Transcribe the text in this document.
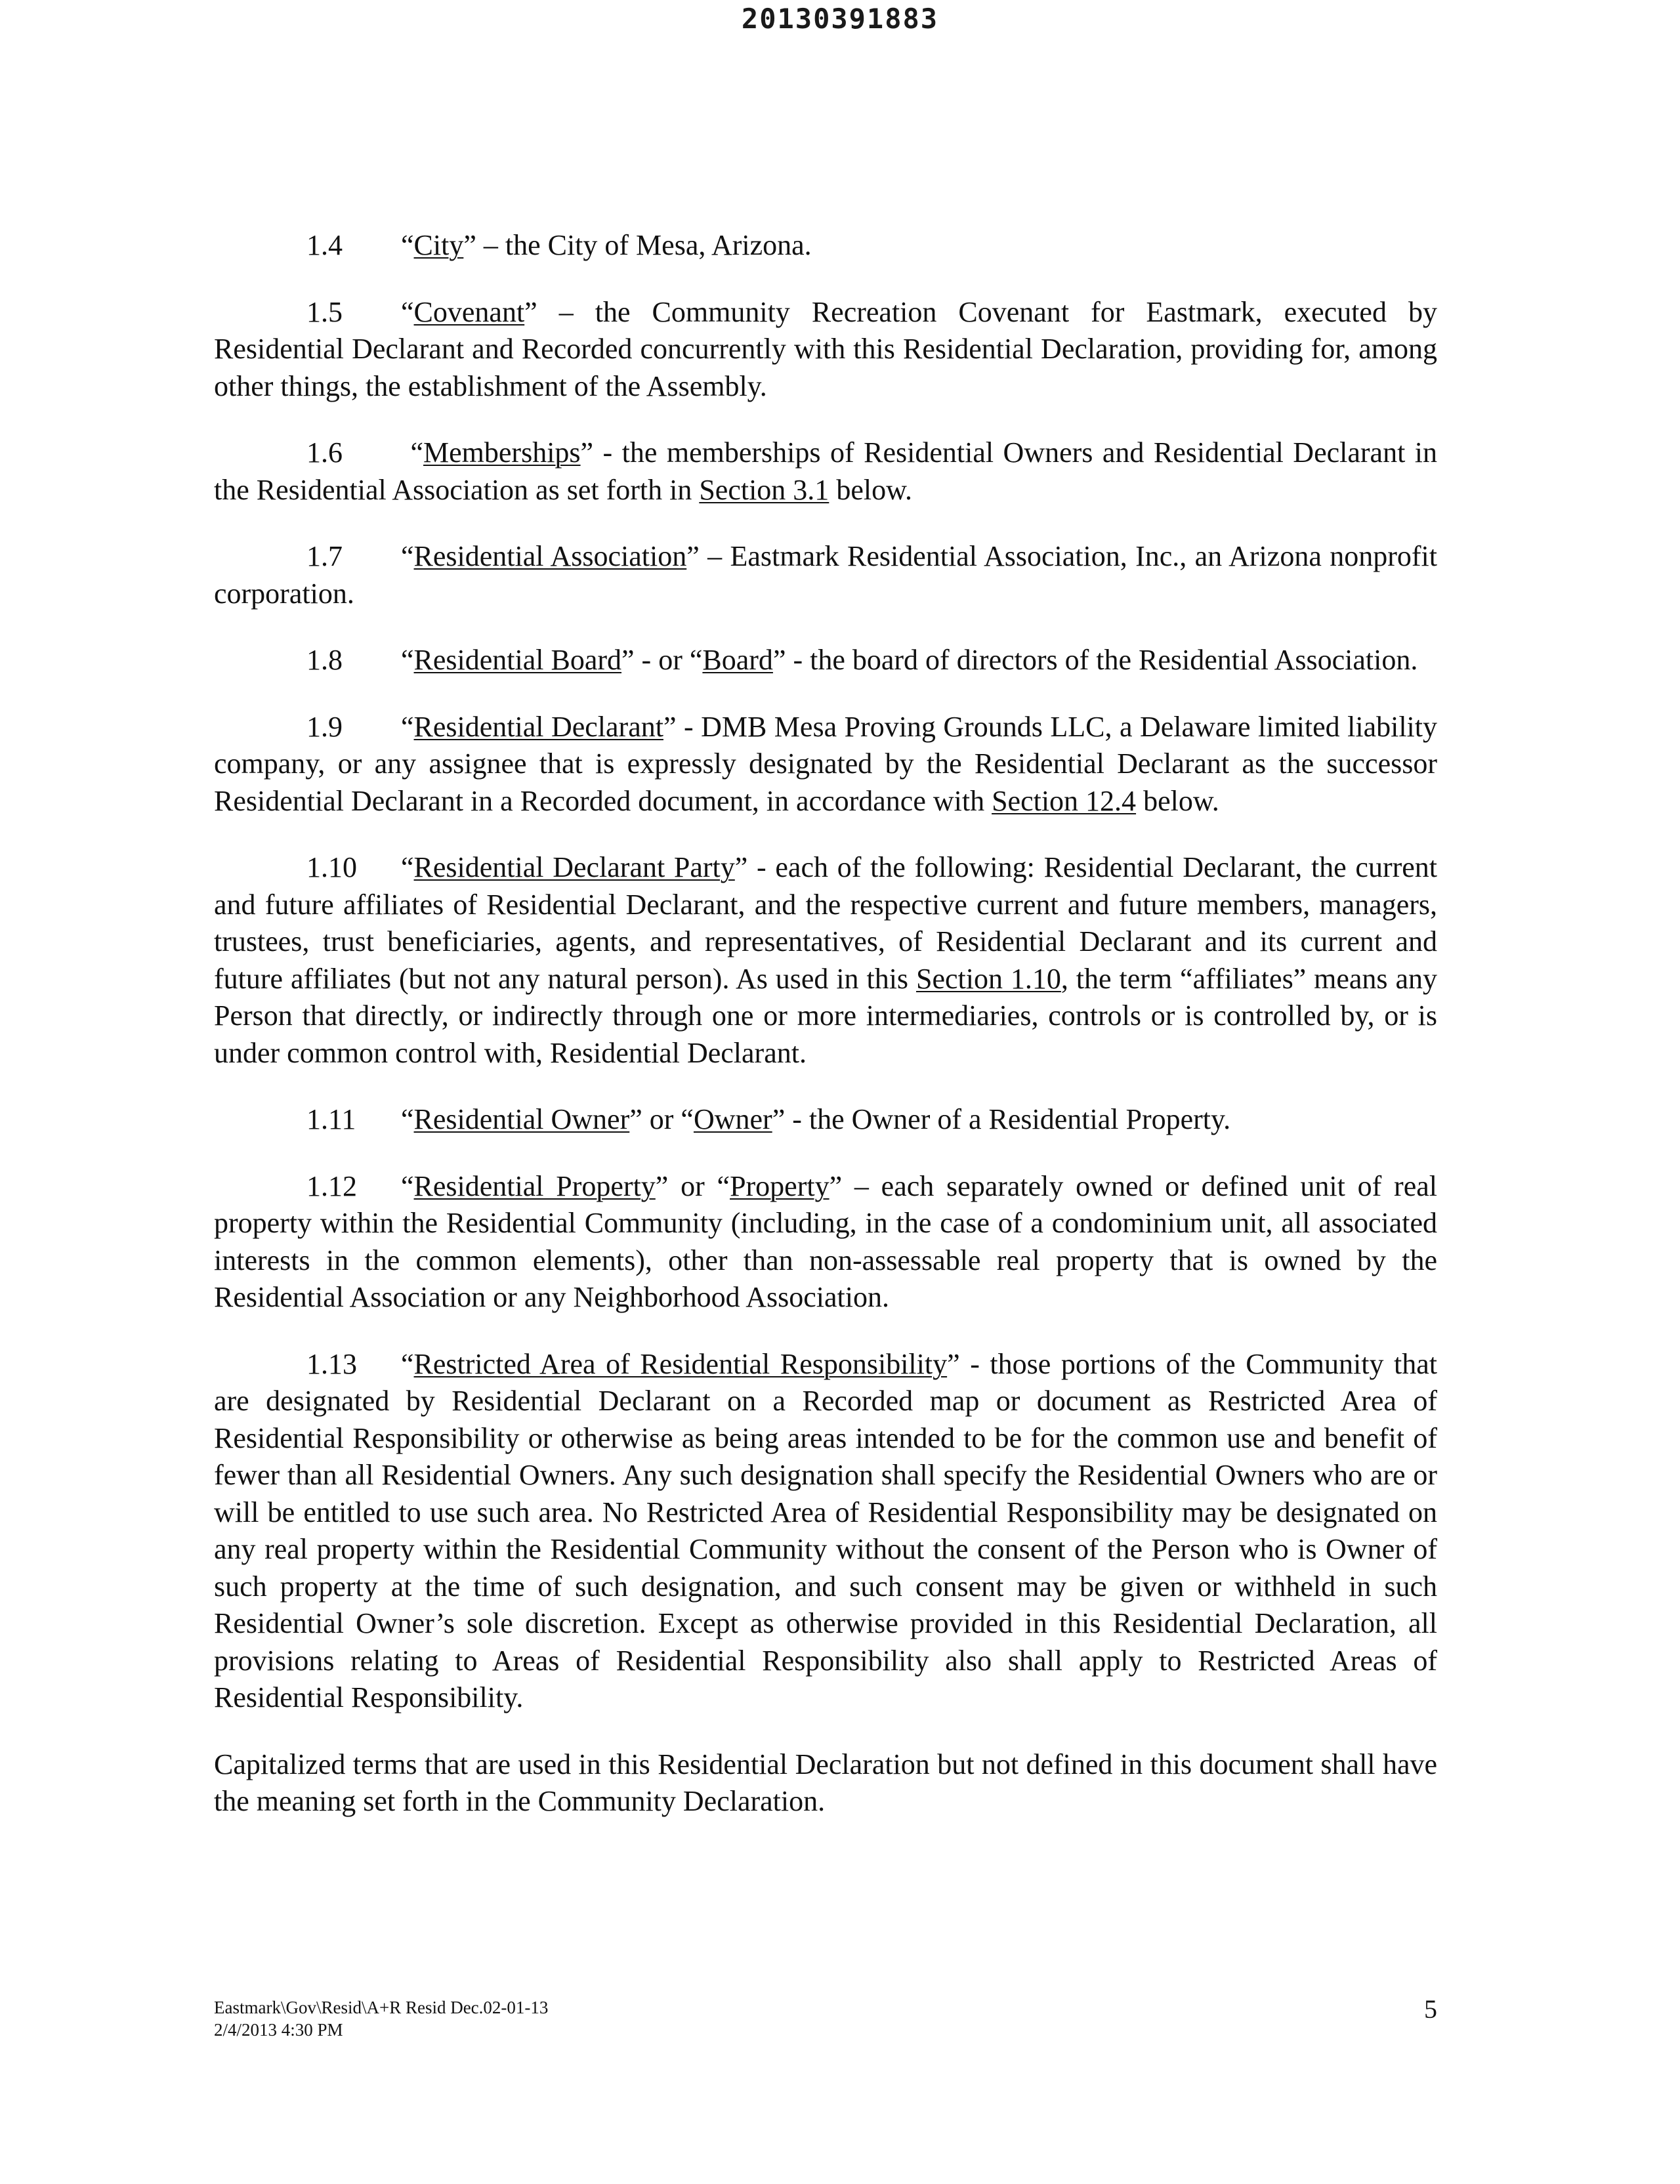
20130391883

1.4 “City” – the City of Mesa, Arizona.

1.5 “Covenant” – the Community Recreation Covenant for Eastmark, executed by Residential Declarant and Recorded concurrently with this Residential Declaration, providing for, among other things, the establishment of the Assembly.

1.6 “Memberships” - the memberships of Residential Owners and Residential Declarant in the Residential Association as set forth in Section 3.1 below.

1.7 “Residential Association” – Eastmark Residential Association, Inc., an Arizona nonprofit corporation.

1.8 “Residential Board” - or “Board” - the board of directors of the Residential Association.

1.9 “Residential Declarant” - DMB Mesa Proving Grounds LLC, a Delaware limited liability company, or any assignee that is expressly designated by the Residential Declarant as the successor Residential Declarant in a Recorded document, in accordance with Section 12.4 below.

1.10 “Residential Declarant Party” - each of the following: Residential Declarant, the current and future affiliates of Residential Declarant, and the respective current and future members, managers, trustees, trust beneficiaries, agents, and representatives, of Residential Declarant and its current and future affiliates (but not any natural person). As used in this Section 1.10, the term “affiliates” means any Person that directly, or indirectly through one or more intermediaries, controls or is controlled by, or is under common control with, Residential Declarant.

1.11 “Residential Owner” or “Owner” - the Owner of a Residential Property.

1.12 “Residential Property” or “Property” – each separately owned or defined unit of real property within the Residential Community (including, in the case of a condominium unit, all associated interests in the common elements), other than non-assessable real property that is owned by the Residential Association or any Neighborhood Association.

1.13 “Restricted Area of Residential Responsibility” - those portions of the Community that are designated by Residential Declarant on a Recorded map or document as Restricted Area of Residential Responsibility or otherwise as being areas intended to be for the common use and benefit of fewer than all Residential Owners. Any such designation shall specify the Residential Owners who are or will be entitled to use such area. No Restricted Area of Residential Responsibility may be designated on any real property within the Residential Community without the consent of the Person who is Owner of such property at the time of such designation, and such consent may be given or withheld in such Residential Owner’s sole discretion. Except as otherwise provided in this Residential Declaration, all provisions relating to Areas of Residential Responsibility also shall apply to Restricted Areas of Residential Responsibility.

Capitalized terms that are used in this Residential Declaration but not defined in this document shall have the meaning set forth in the Community Declaration.

Eastmark\Gov\Resid\A+R Resid Dec.02-01-13
2/4/2013 4:30 PM
5
